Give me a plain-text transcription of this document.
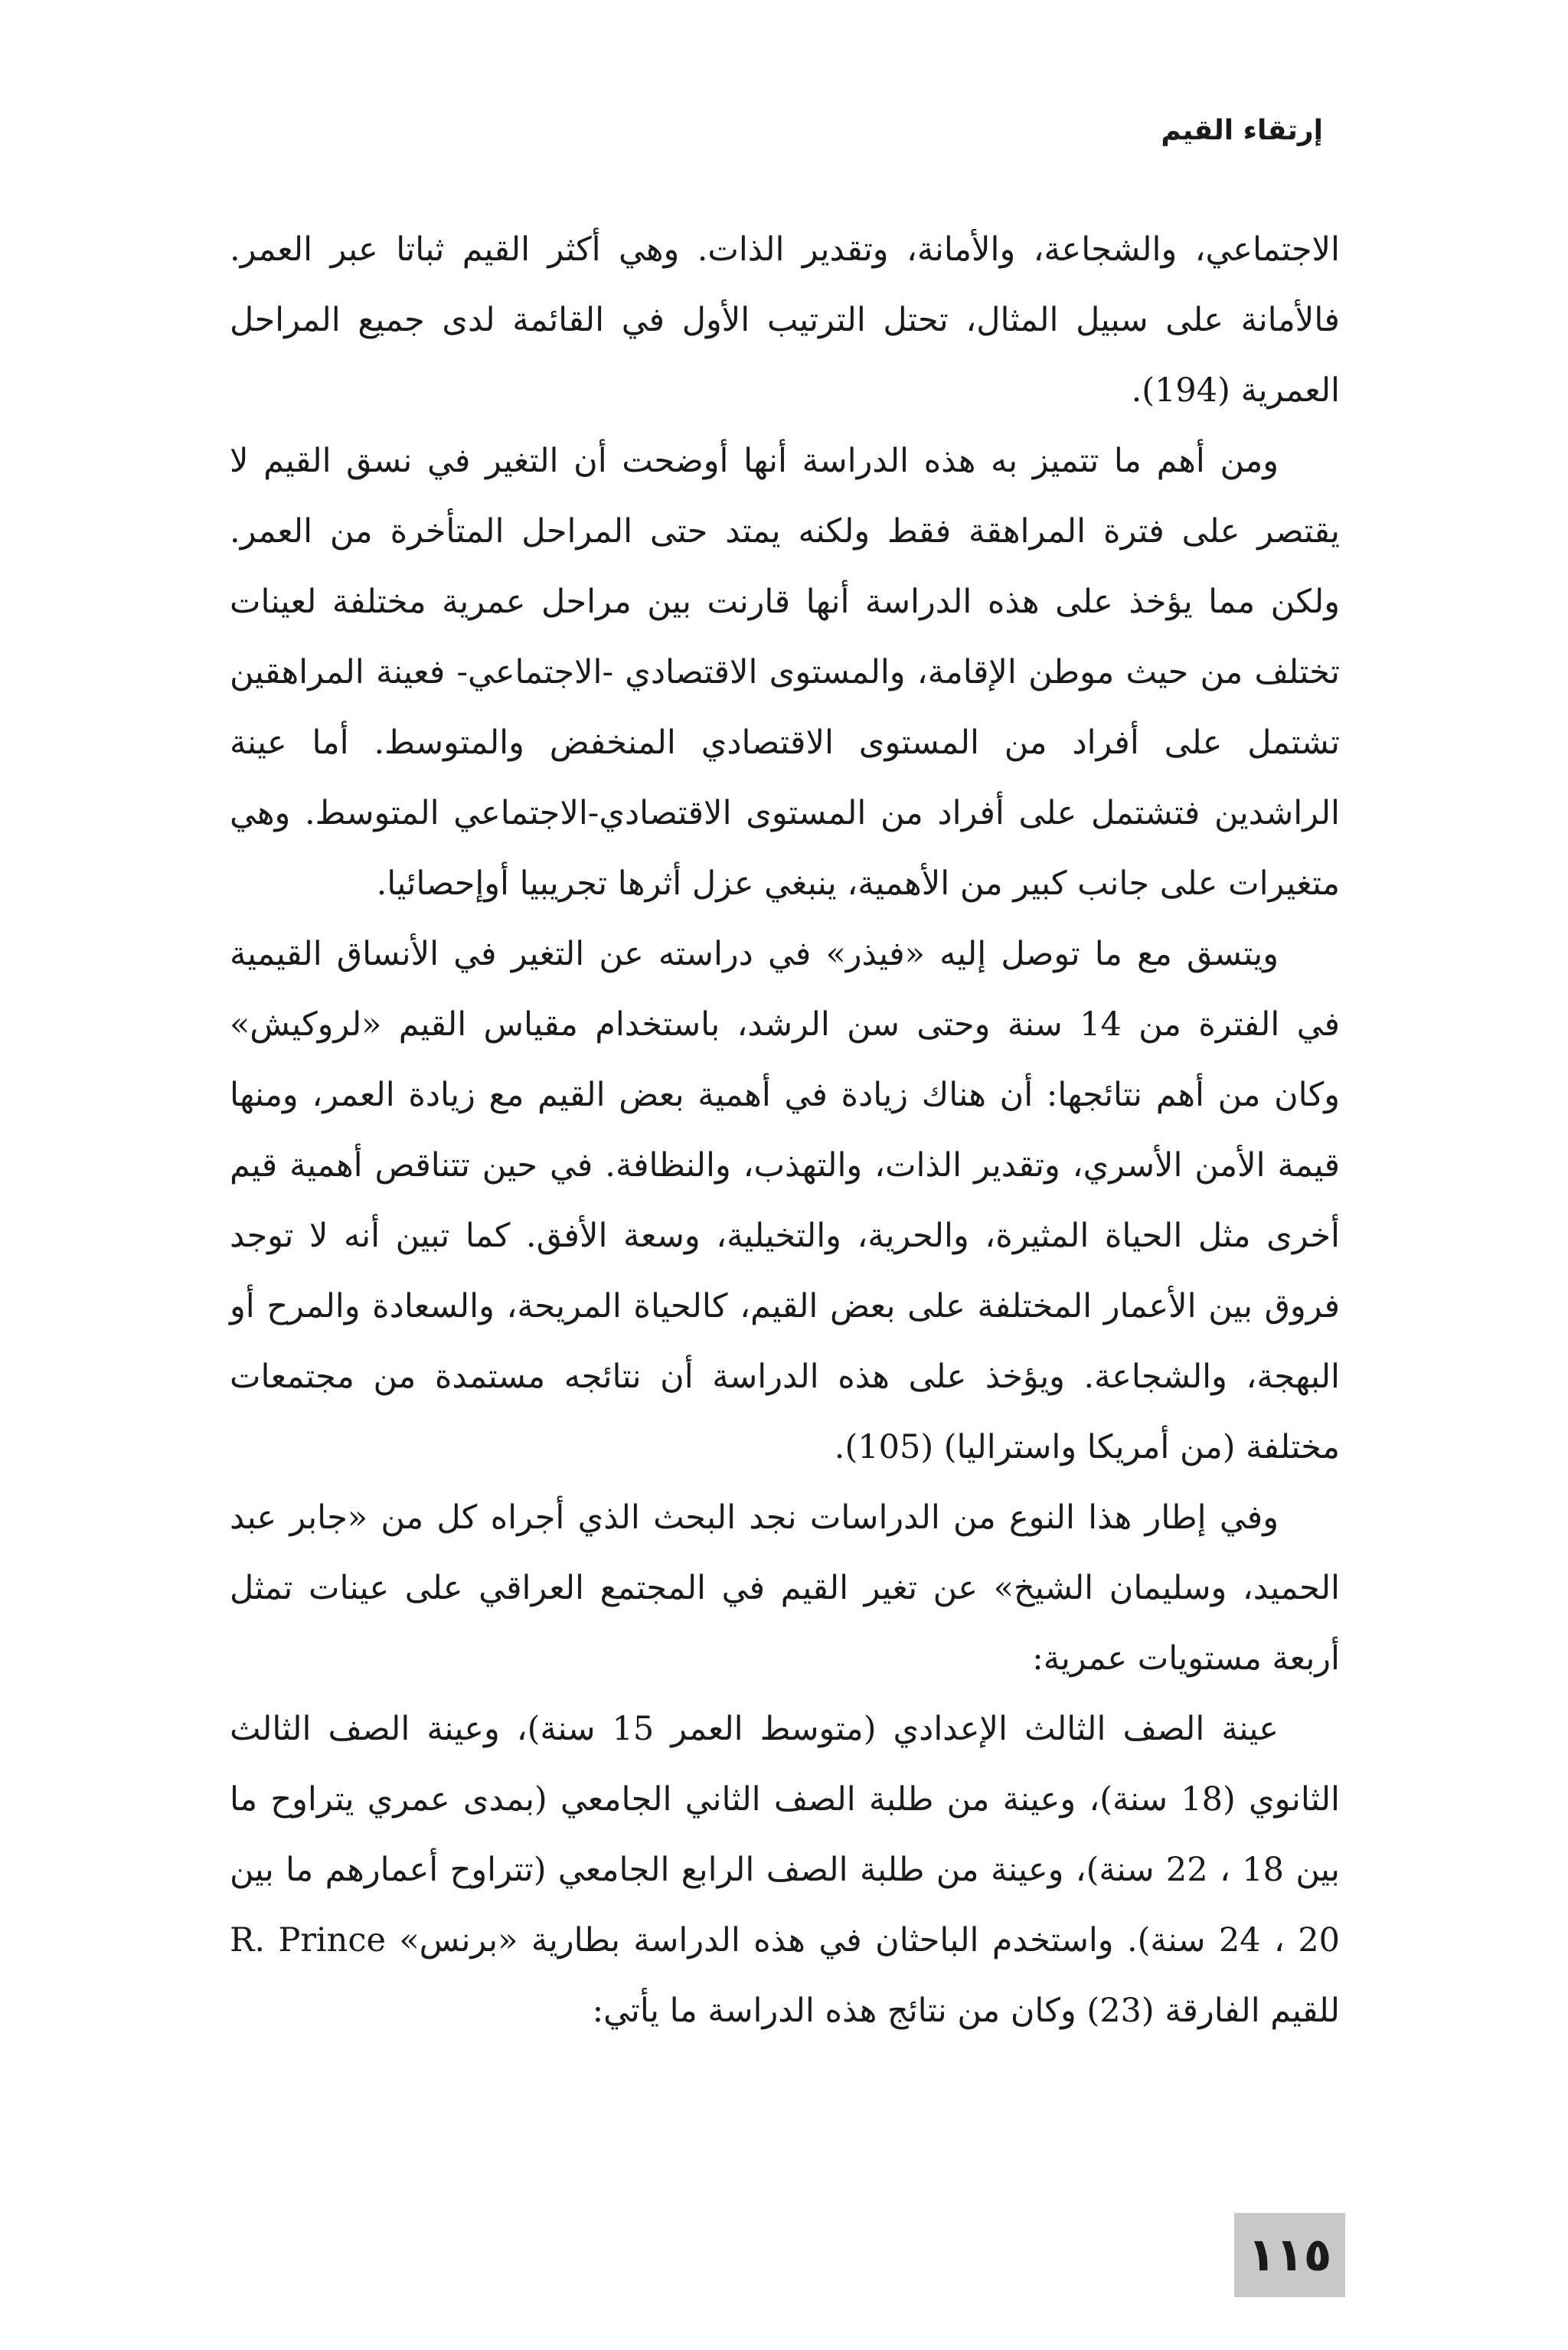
إرتقاء القيم

الاجتماعي، والشجاعة، والأمانة، وتقدير الذات. وهي أكثر القيم ثباتا عبر العمر. فالأمانة على سبيل المثال، تحتل الترتيب الأول في القائمة لدى جميع المراحل العمرية (194).

ومن أهم ما تتميز به هذه الدراسة أنها أوضحت أن التغير في نسق القيم لا يقتصر على فترة المراهقة فقط ولكنه يمتد حتى المراحل المتأخرة من العمر. ولكن مما يؤخذ على هذه الدراسة أنها قارنت بين مراحل عمرية مختلفة لعينات تختلف من حيث موطن الإقامة، والمستوى الاقتصادي -الاجتماعي- فعينة المراهقين تشتمل على أفراد من المستوى الاقتصادي المنخفض والمتوسط. أما عينة الراشدين فتشتمل على أفراد من المستوى الاقتصادي-الاجتماعي المتوسط. وهي متغيرات على جانب كبير من الأهمية، ينبغي عزل أثرها تجريبيا أوإحصائيا.

ويتسق مع ما توصل إليه «فيذر» في دراسته عن التغير في الأنساق القيمية في الفترة من 14 سنة وحتى سن الرشد، باستخدام مقياس القيم «لروكيش» وكان من أهم نتائجها: أن هناك زيادة في أهمية بعض القيم مع زيادة العمر، ومنها قيمة الأمن الأسري، وتقدير الذات، والتهذب، والنظافة. في حين تتناقص أهمية قيم أخرى مثل الحياة المثيرة، والحرية، والتخيلية، وسعة الأفق. كما تبين أنه لا توجد فروق بين الأعمار المختلفة على بعض القيم، كالحياة المريحة، والسعادة والمرح أو البهجة، والشجاعة. ويؤخذ على هذه الدراسة أن نتائجه مستمدة من مجتمعات مختلفة (من أمريكا واستراليا) (105).

وفي إطار هذا النوع من الدراسات نجد البحث الذي أجراه كل من «جابر عبد الحميد، وسليمان الشيخ» عن تغير القيم في المجتمع العراقي على عينات تمثل أربعة مستويات عمرية:

عينة الصف الثالث الإعدادي (متوسط العمر 15 سنة)، وعينة الصف الثالث الثانوي (18 سنة)، وعينة من طلبة الصف الثاني الجامعي (بمدى عمري يتراوح ما بين 18 ، 22 سنة)، وعينة من طلبة الصف الرابع الجامعي (تتراوح أعمارهم ما بين 20 ، 24 سنة). واستخدم الباحثان في هذه الدراسة بطارية «برنس» R. Prince للقيم الفارقة (23) وكان من نتائج هذه الدراسة ما يأتي:

١١٥
